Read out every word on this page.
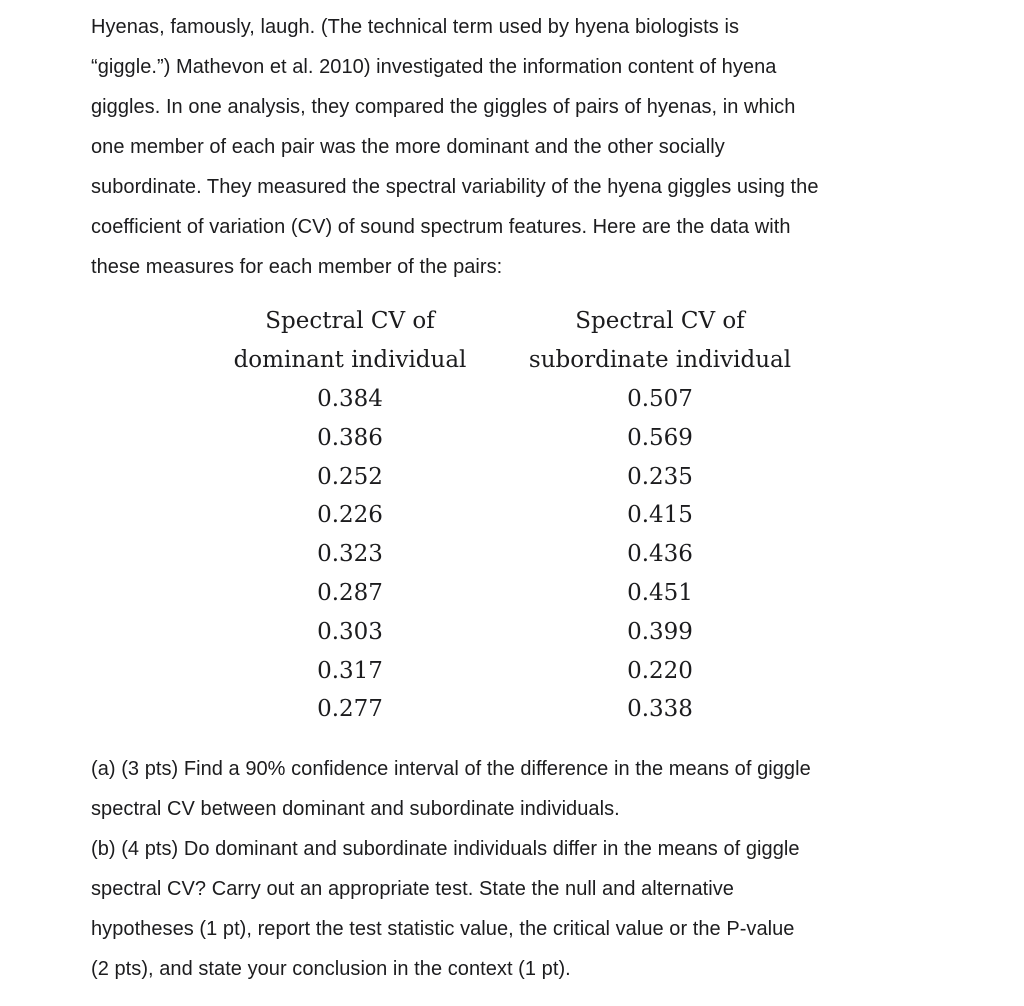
Hyenas, famously, laugh. (The technical term used by hyena biologists is
“giggle.”) Mathevon et al. 2010) investigated the information content of hyena
giggles. In one analysis, they compared the giggles of pairs of hyenas, in which
one member of each pair was the more dominant and the other socially
subordinate. They measured the spectral variability of the hyena giggles using the
coefficient of variation (CV) of sound spectrum features. Here are the data with
these measures for each member of the pairs:
Spectral CV of	Spectral CV of
dominant individual	subordinate individual
0.384	0.507
0.386	0.569
0.252	0.235
0.226	0.415
0.323	0.436
0.287	0.451
0.303	0.399
0.317	0.220
0.277	0.338
(a) (3 pts) Find a 90% confidence interval of the difference in the means of giggle
spectral CV between dominant and subordinate individuals.
(b) (4 pts) Do dominant and subordinate individuals differ in the means of giggle
spectral CV? Carry out an appropriate test. State the null and alternative
hypotheses (1 pt), report the test statistic value, the critical value or the P-value
(2 pts), and state your conclusion in the context (1 pt).
